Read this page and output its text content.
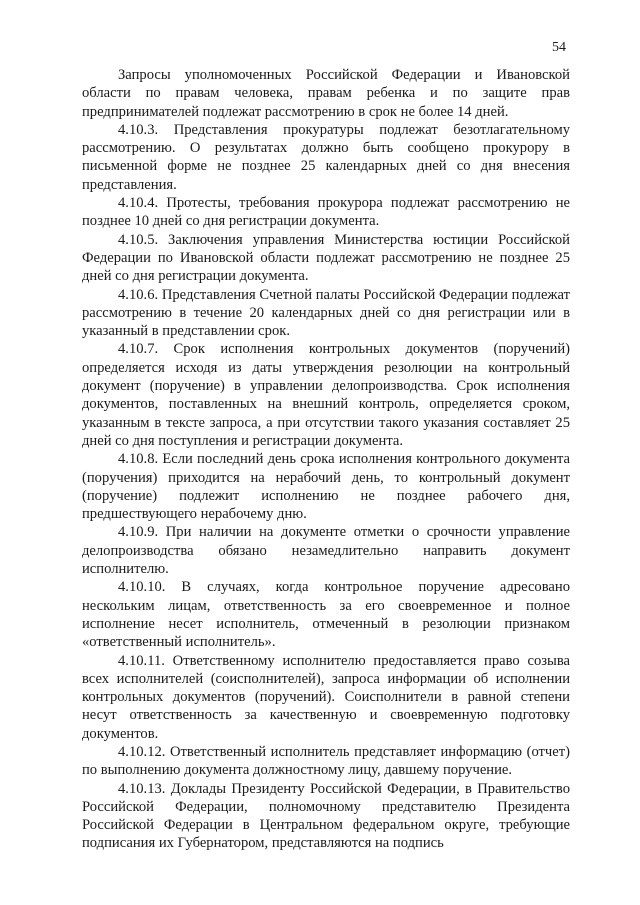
54

Запросы уполномоченных Российской Федерации и Ивановской области по правам человека, правам ребенка и по защите прав предпринимателей подлежат рассмотрению в срок не более 14 дней.

4.10.3. Представления прокуратуры подлежат безотлагательному рассмотрению. О результатах должно быть сообщено прокурору в письменной форме не позднее 25 календарных дней со дня внесения представления.

4.10.4. Протесты, требования прокурора подлежат рассмотрению не позднее 10 дней со дня регистрации документа.

4.10.5. Заключения управления Министерства юстиции Российской Федерации по Ивановской области подлежат рассмотрению не позднее 25 дней со дня регистрации документа.

4.10.6. Представления Счетной палаты Российской Федерации подлежат рассмотрению в течение 20 календарных дней со дня регистрации или в указанный в представлении срок.

4.10.7. Срок исполнения контрольных документов (поручений) определяется исходя из даты утверждения резолюции на контрольный документ (поручение) в управлении делопроизводства. Срок исполнения документов, поставленных на внешний контроль, определяется сроком, указанным в тексте запроса, а при отсутствии такого указания составляет 25 дней со дня поступления и регистрации документа.

4.10.8. Если последний день срока исполнения контрольного документа (поручения) приходится на нерабочий день, то контрольный документ (поручение) подлежит исполнению не позднее рабочего дня, предшествующего нерабочему дню.

4.10.9. При наличии на документе отметки о срочности управление делопроизводства обязано незамедлительно направить документ исполнителю.

4.10.10. В случаях, когда контрольное поручение адресовано нескольким лицам, ответственность за его своевременное и полное исполнение несет исполнитель, отмеченный в резолюции признаком «ответственный исполнитель».

4.10.11. Ответственному исполнителю предоставляется право созыва всех исполнителей (соисполнителей), запроса информации об исполнении контрольных документов (поручений). Соисполнители в равной степени несут ответственность за качественную и своевременную подготовку документов.

4.10.12. Ответственный исполнитель представляет информацию (отчет) по выполнению документа должностному лицу, давшему поручение.

4.10.13. Доклады Президенту Российской Федерации, в Правительство Российской Федерации, полномочному представителю Президента Российской Федерации в Центральном федеральном округе, требующие подписания их Губернатором, представляются на подпись
